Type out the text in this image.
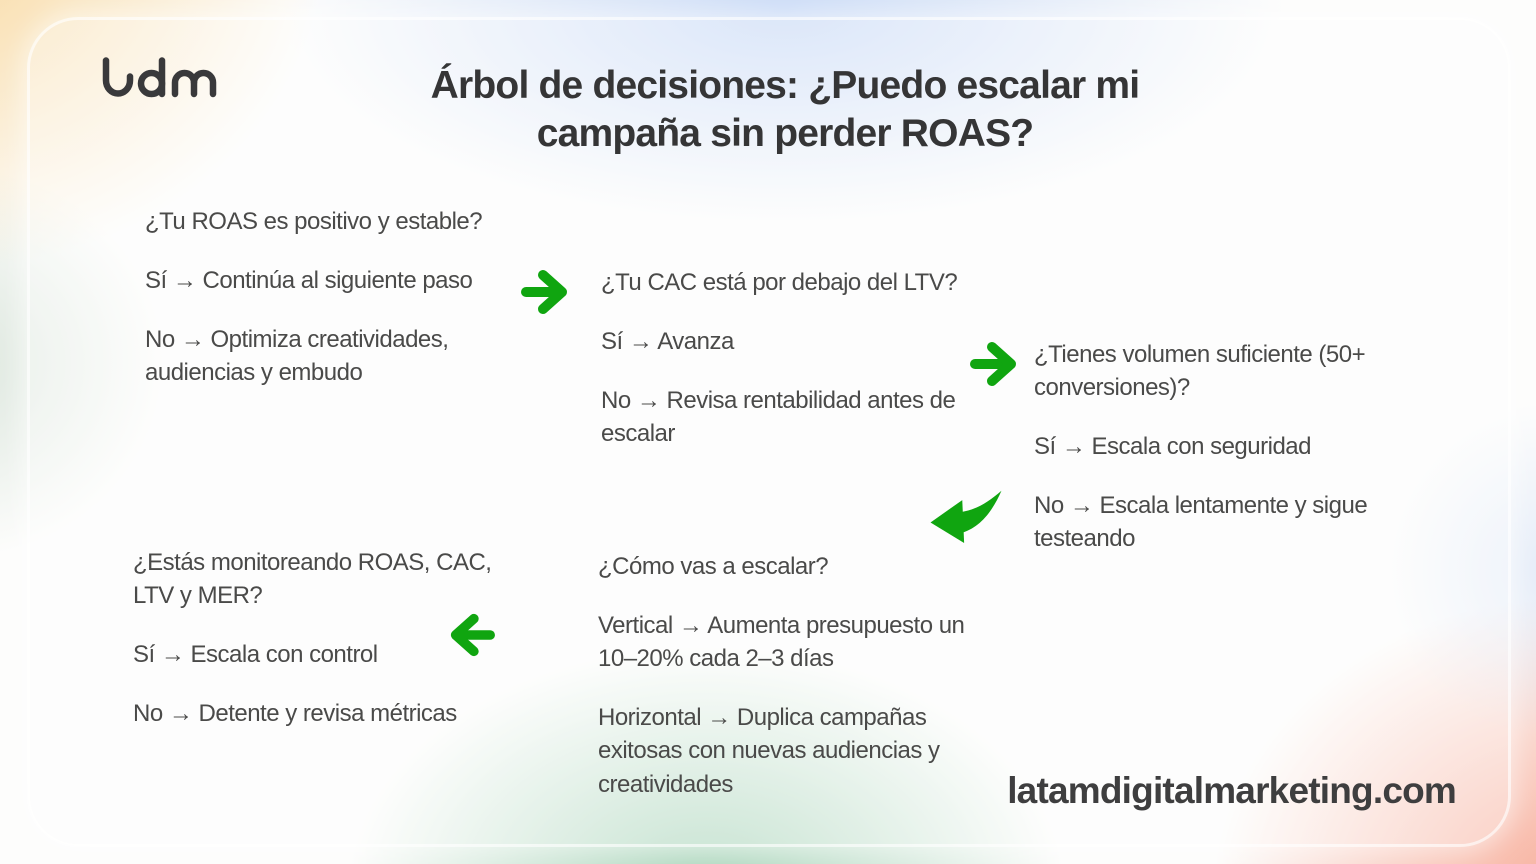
Árbol de decisiones: ¿Puedo escalar mi
campaña sin perder ROAS?

¿Tu ROAS es positivo y estable?

Sí → Continúa al siguiente paso

No → Optimiza creatividades, audiencias y embudo

¿Tu CAC está por debajo del LTV?

Sí → Avanza

No → Revisa rentabilidad antes de escalar

¿Tienes volumen suficiente (50+ conversiones)?

Sí → Escala con seguridad

No → Escala lentamente y sigue testeando

¿Cómo vas a escalar?

Vertical → Aumenta presupuesto un 10–20% cada 2–3 días

Horizontal → Duplica campañas exitosas con nuevas audiencias y creatividades

¿Estás monitoreando ROAS, CAC, LTV y MER?

Sí → Escala con control

No → Detente y revisa métricas

latamdigitalmarketing.com
